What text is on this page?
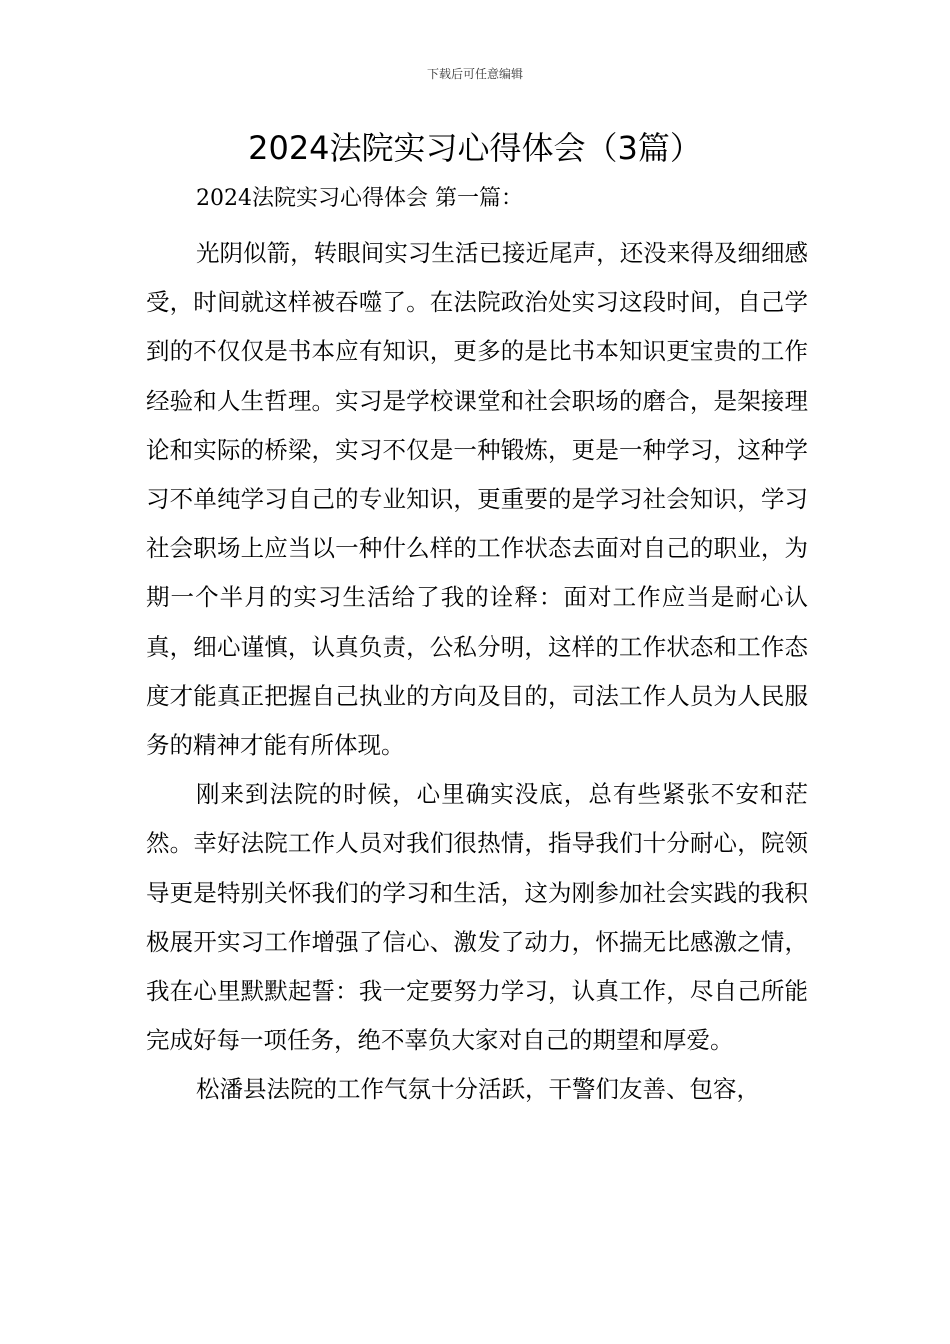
下载后可任意编辑
2024法院实习心得体会（3篇）
2024法院实习心得体会 第一篇：

光阴似箭，转眼间实习生活已接近尾声，还没来得及细细感受，时间就这样被吞噬了。在法院政治处实习这段时间，自己学到的不仅仅是书本应有知识，更多的是比书本知识更宝贵的工作经验和人生哲理。实习是学校课堂和社会职场的磨合，是架接理论和实际的桥梁，实习不仅是一种锻炼，更是一种学习，这种学习不单纯学习自己的专业知识，更重要的是学习社会知识，学习社会职场上应当以一种什么样的工作状态去面对自己的职业，为期一个半月的实习生活给了我的诠释：面对工作应当是耐心认真，细心谨慎，认真负责，公私分明，这样的工作状态和工作态度才能真正把握自己执业的方向及目的，司法工作人员为人民服务的精神才能有所体现。

刚来到法院的时候，心里确实没底，总有些紧张不安和茫然。幸好法院工作人员对我们很热情，指导我们十分耐心，院领导更是特别关怀我们的学习和生活，这为刚参加社会实践的我积极展开实习工作增强了信心、激发了动力，怀揣无比感激之情，我在心里默默起誓：我一定要努力学习，认真工作，尽自己所能完成好每一项任务，绝不辜负大家对自己的期望和厚爱。

松潘县法院的工作气氛十分活跃，干警们友善、包容，
